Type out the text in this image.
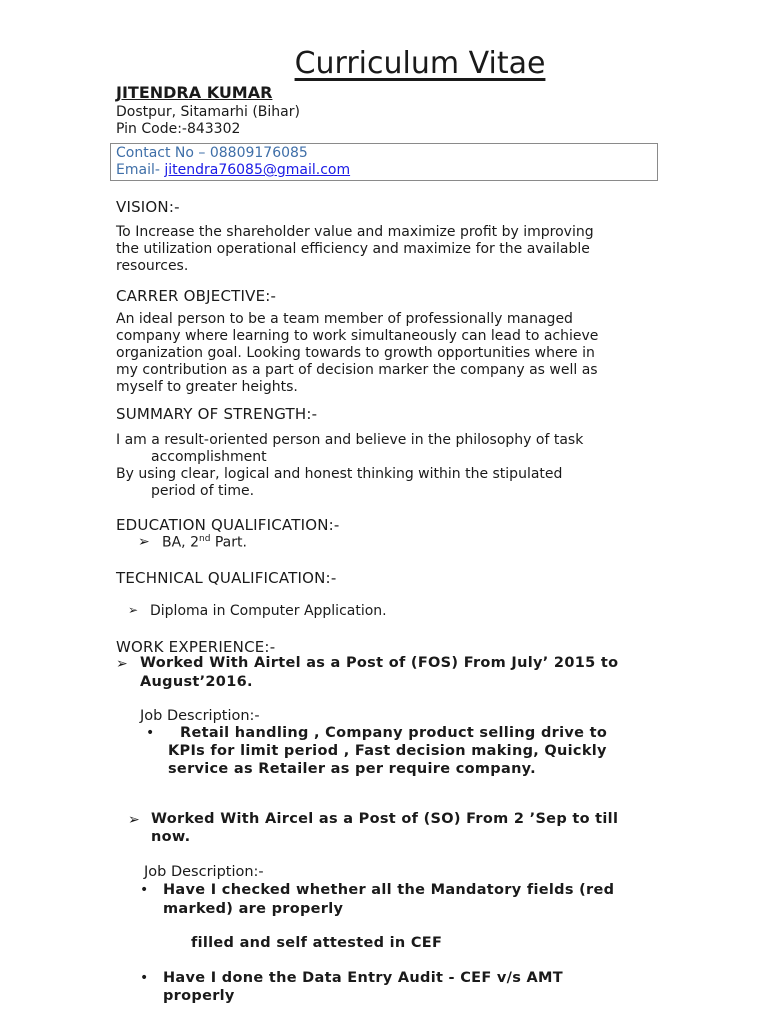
Curriculum Vitae
JITENDRA KUMAR
Dostpur, Sitamarhi (Bihar)
Pin Code:-843302
Contact No – 08809176085
Email- jitendra76085@gmail.com
VISION:-
To Increase the shareholder value and maximize profit by improving
the utilization operational efficiency and maximize for the available
resources.
CARRER OBJECTIVE:-
An ideal person to be a team member of professionally managed
company where learning to work simultaneously can lead to achieve
organization goal. Looking towards to growth opportunities where in
my contribution as a part of decision marker the company as well as
myself to greater heights.
SUMMARY OF STRENGTH:-
I am a result-oriented person and believe in the philosophy of task
accomplishment
By using clear, logical and honest thinking within the stipulated
period of time.
EDUCATION QUALIFICATION:-
➢ BA, 2nd Part.
TECHNICAL QUALIFICATION:-
➢ Diploma in Computer Application.
WORK EXPERIENCE:-
➢ Worked With Airtel as a Post of (FOS) From July’ 2015 to
August’2016.
Job Description:-
• Retail handling , Company product selling drive to
KPIs for limit period , Fast decision making, Quickly
service as Retailer as per require company.
➢ Worked With Aircel as a Post of (SO) From 2 ’Sep to till
now.
Job Description:-
• Have I checked whether all the Mandatory fields (red
marked) are properly
filled and self attested in CEF
• Have I done the Data Entry Audit - CEF v/s AMT
properly
